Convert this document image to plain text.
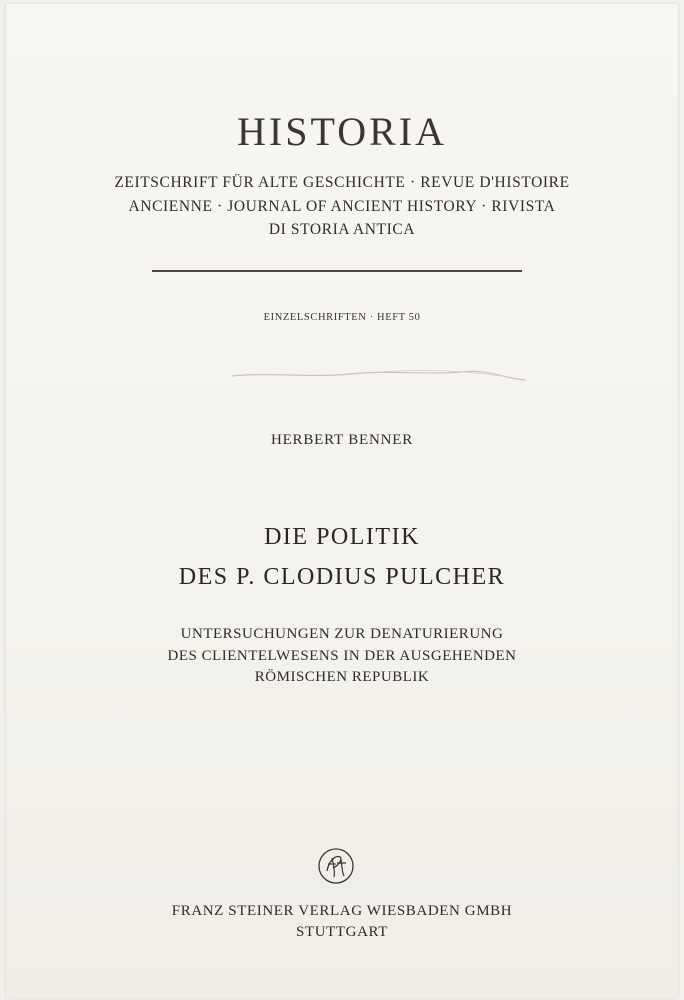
HISTORIA
ZEITSCHRIFT FÜR ALTE GESCHICHTE · REVUE D'HISTOIRE
ANCIENNE · JOURNAL OF ANCIENT HISTORY · RIVISTA
DI STORIA ANTICA
EINZELSCHRIFTEN · HEFT 50
HERBERT BENNER
DIE POLITIK
DES P. CLODIUS PULCHER
UNTERSUCHUNGEN ZUR DENATURIERUNG
DES CLIENTELWESENS IN DER AUSGEHENDEN
RÖMISCHEN REPUBLIK
FRANZ STEINER VERLAG WIESBADEN GMBH
STUTTGART
